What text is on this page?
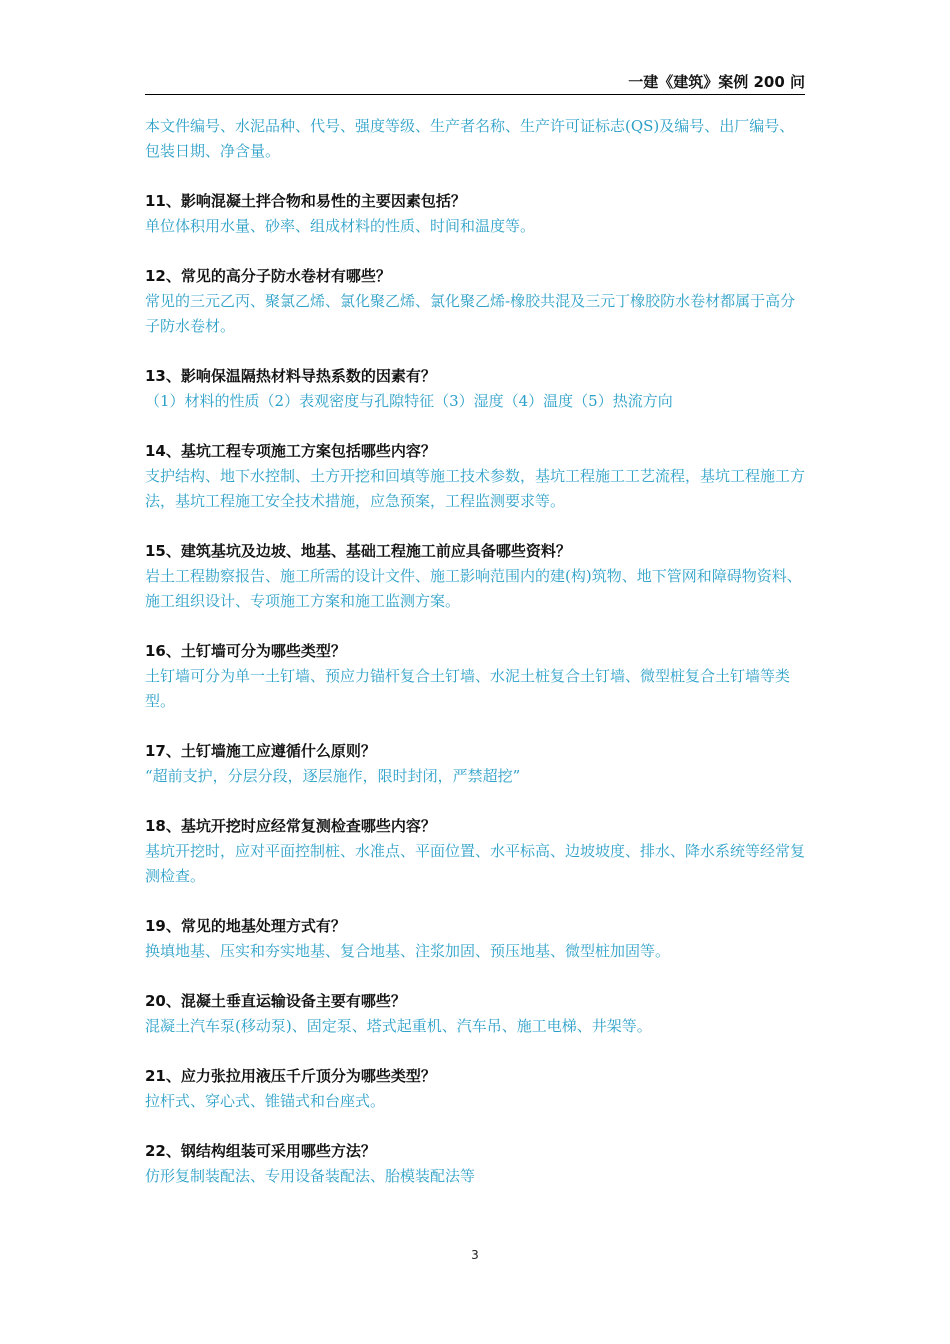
一建《建筑》案例 200 问

本文件编号、水泥品种、代号、强度等级、生产者名称、生产许可证标志(QS)及编号、出厂编号、包装日期、净含量。

11、影响混凝土拌合物和易性的主要因素包括？

单位体积用水量、砂率、组成材料的性质、时间和温度等。

12、常见的高分子防水卷材有哪些？

常见的三元乙丙、聚氯乙烯、氯化聚乙烯、氯化聚乙烯-橡胶共混及三元丁橡胶防水卷材都属于高分子防水卷材。

13、影响保温隔热材料导热系数的因素有？

（1）材料的性质（2）表观密度与孔隙特征（3）湿度（4）温度（5）热流方向

14、基坑工程专项施工方案包括哪些内容？

支护结构、地下水控制、土方开挖和回填等施工技术参数，基坑工程施工工艺流程，基坑工程施工方法，基坑工程施工安全技术措施，应急预案，工程监测要求等。

15、建筑基坑及边坡、地基、基础工程施工前应具备哪些资料？

岩土工程勘察报告、施工所需的设计文件、施工影响范围内的建(构)筑物、地下管网和障碍物资料、施工组织设计、专项施工方案和施工监测方案。

16、土钉墙可分为哪些类型？

土钉墙可分为单一土钉墙、预应力锚杆复合土钉墙、水泥土桩复合土钉墙、微型桩复合土钉墙等类型。

17、土钉墙施工应遵循什么原则？

“超前支护，分层分段，逐层施作，限时封闭，严禁超挖”

18、基坑开挖时应经常复测检查哪些内容？

基坑开挖时，应对平面控制桩、水准点、平面位置、水平标高、边坡坡度、排水、降水系统等经常复测检查。

19、常见的地基处理方式有？

换填地基、压实和夯实地基、复合地基、注浆加固、预压地基、微型桩加固等。

20、混凝土垂直运输设备主要有哪些？

混凝土汽车泵(移动泵)、固定泵、塔式起重机、汽车吊、施工电梯、井架等。

21、应力张拉用液压千斤顶分为哪些类型？

拉杆式、穿心式、锥锚式和台座式。

22、钢结构组装可采用哪些方法？

仿形复制装配法、专用设备装配法、胎模装配法等

3
